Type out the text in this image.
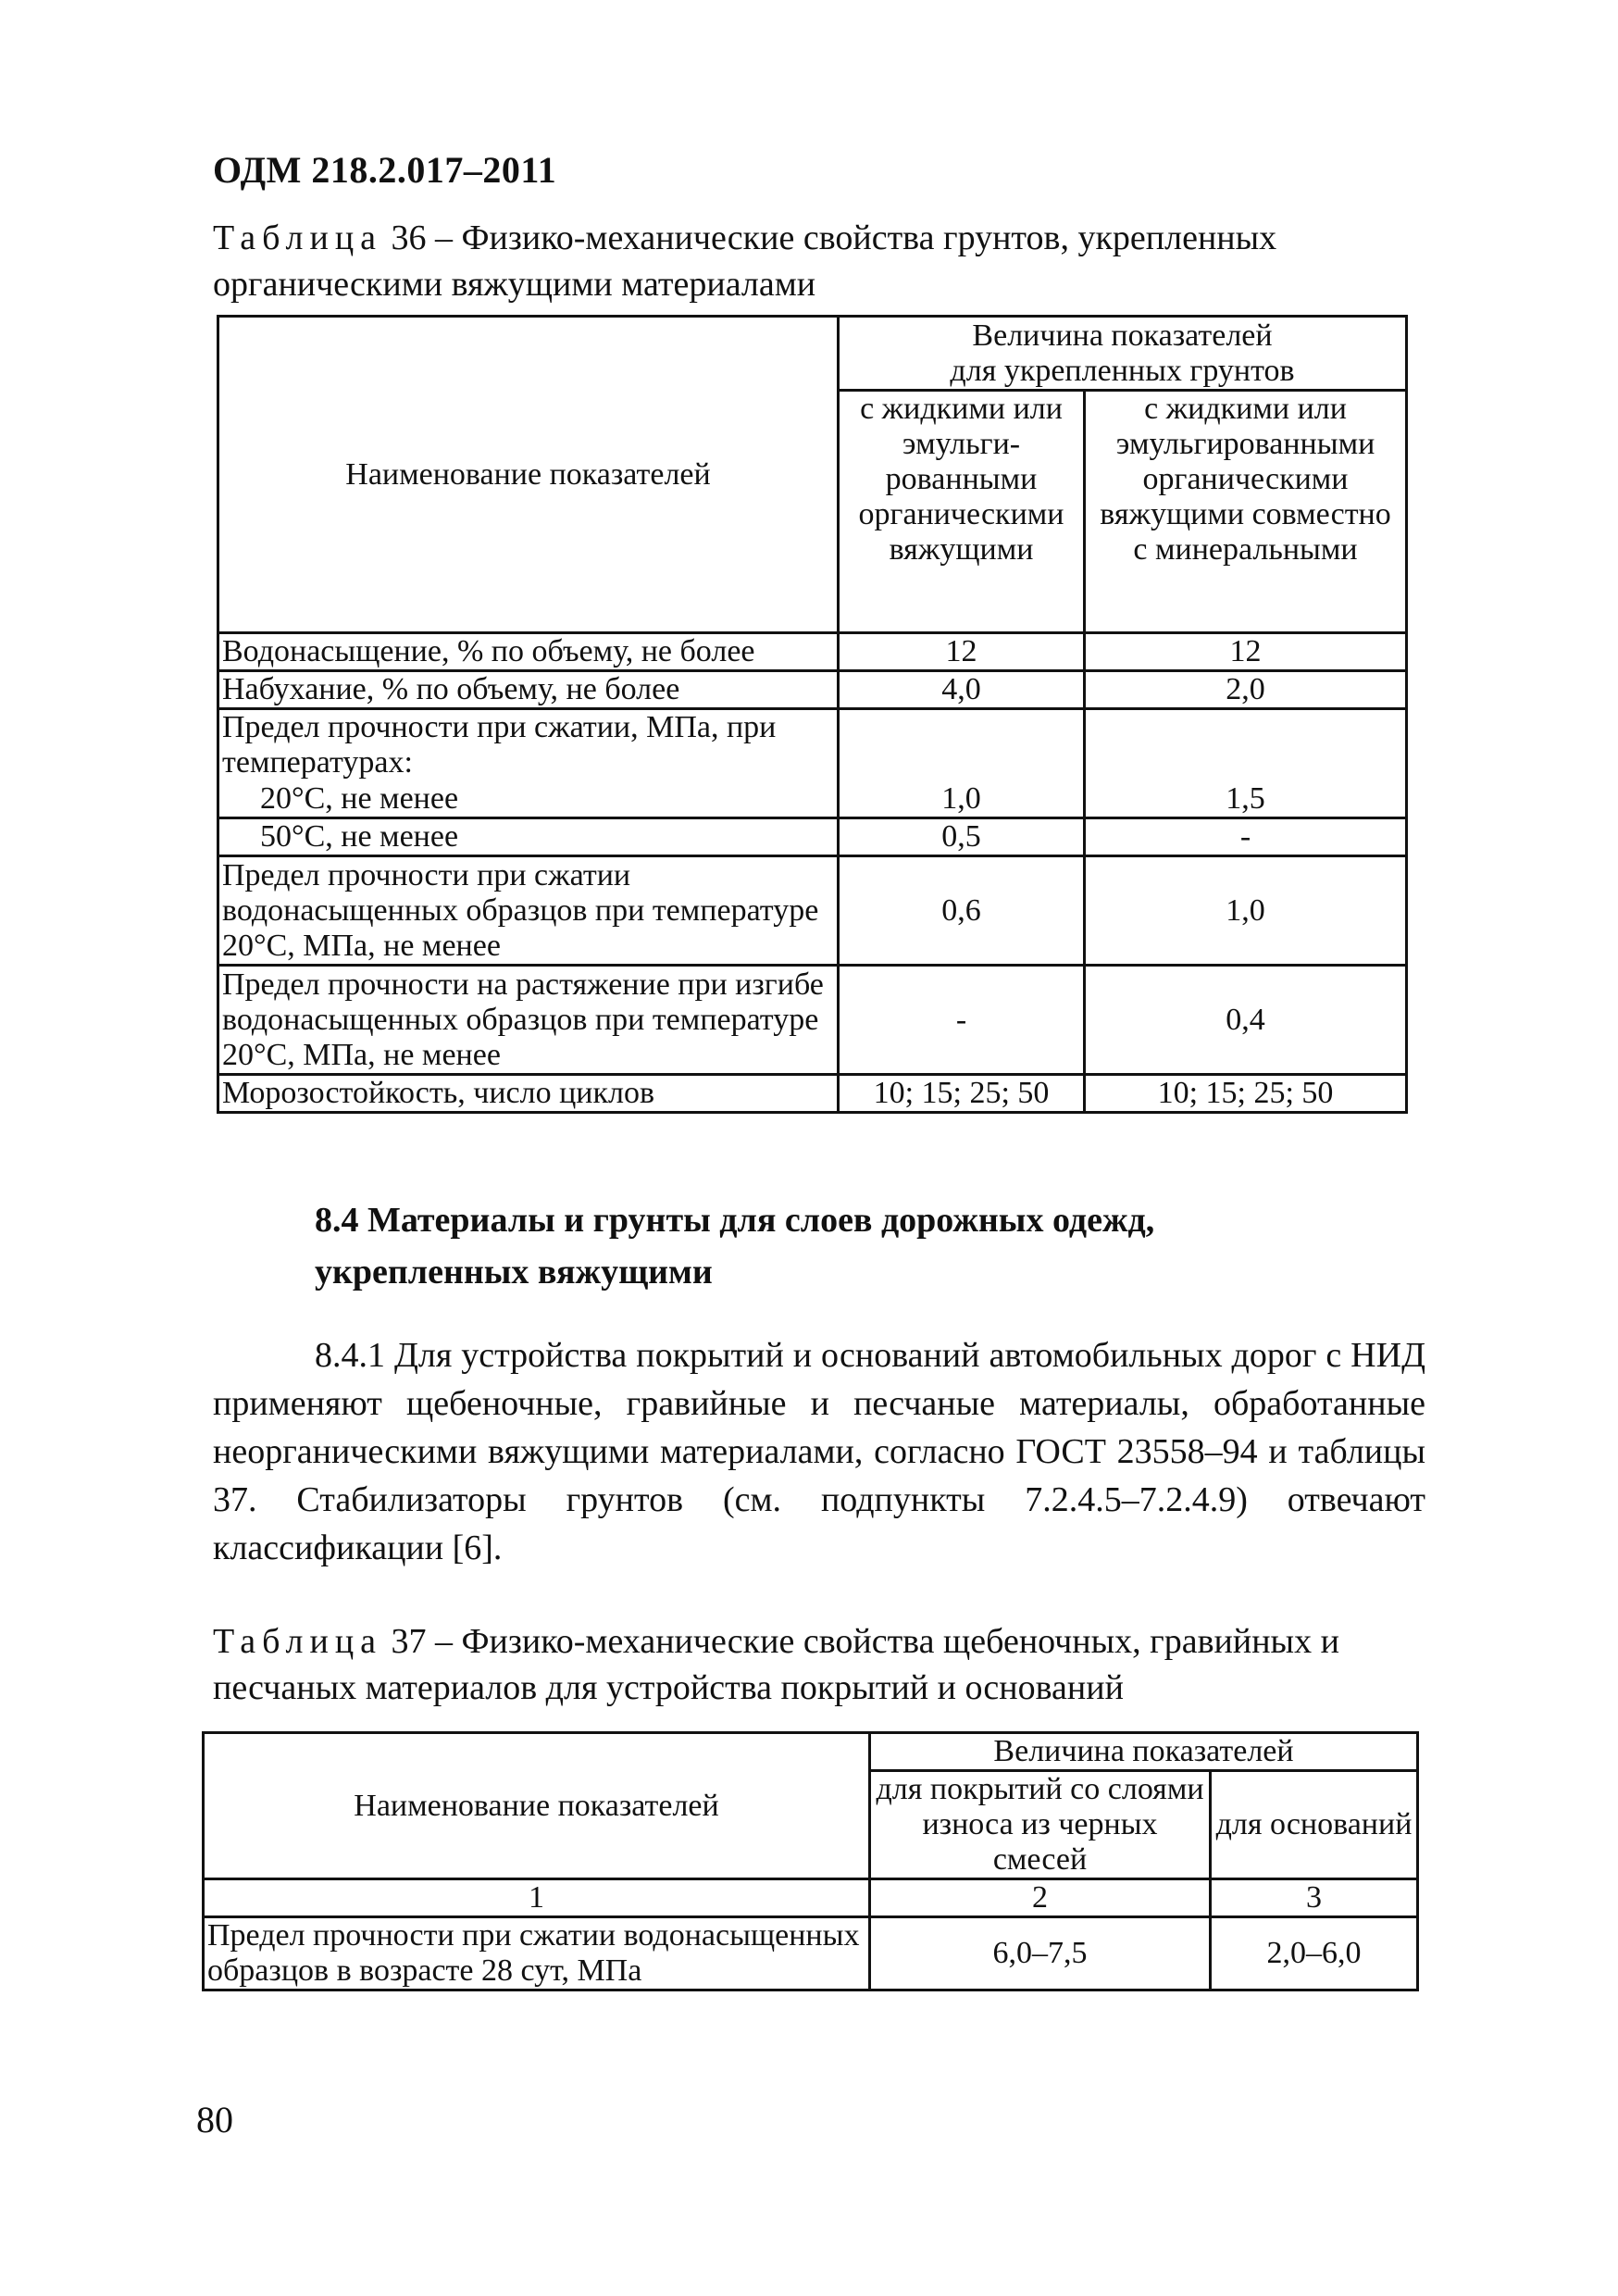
ОДМ 218.2.017–2011
Таблица 36 – Физико-механические свойства грунтов, укрепленных органическими вяжущими материалами
Наименование показателей	Величина показателей
для укрепленных грунтов	

	с жидкими или эмульгированными органическими вяжущими	с жидкими или эмульгированными органическими вяжущими совместно с минеральными
Водонасыщение, % по объему, не более	12	12
Набухание, % по объему, не более	4,0	2,0
Предел прочности при сжатии, МПа, при температурах:		
20°С, не менее	1,0	1,5
50°С, не менее	0,5	-
Предел прочности при сжатии водонасыщенных образцов при температуре 20°С, МПа, не менее	0,6	1,0
Предел прочности на растяжение при изгибе водонасыщенных образцов при температуре 20°С, МПа, не менее	-	0,4
Морозостойкость, число циклов	10; 15; 25; 50	10; 15; 25; 50
8.4 Материалы и грунты для слоев дорожных одежд, укрепленных вяжущими
8.4.1 Для устройства покрытий и оснований автомобильных дорог с НИД применяют щебеночные, гравийные и песчаные материалы, обработанные неорганическими вяжущими материалами, согласно ГОСТ 23558–94 и таблицы 37. Стабилизаторы грунтов (см. подпункты 7.2.4.5–7.2.4.9) отвечают классификации [6].
Таблица 37 – Физико-механические свойства щебеночных, гравийных и песчаных материалов для устройства покрытий и оснований
Наименование показателей	Величина показателей	
	для покрытий со слоями износа из черных смесей	для оснований
1	2	3
Предел прочности при сжатии водонасыщенных образцов в возрасте 28 сут, МПа	6,0–7,5	2,0–6,0
80
